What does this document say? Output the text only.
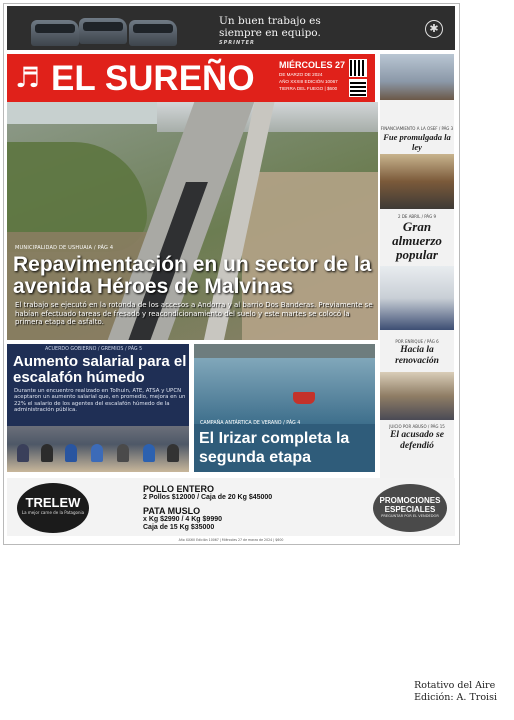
Un buen trabajo es
siempre en equipo.
SPRINTER
✱
♬ EL SUREÑO	MIÉRCOLES 27
DE MARZO DE 2024
AÑO XXXIII EDICIÓN 10067
TIERRA DEL FUEGO | $600
FINANCIAMIENTO A LA OSEF / PÁG 3
Fue promulgada la ley
2 DE ABRIL / PÁG 9
Gran almuerzo popular
POR ENRIQUE / PÁG 6
Hacia la renovación
JUICIO POR ABUSO / PÁG 15
El acusado se defendió
MUNICIPALIDAD DE USHUAIA / PÁG 4
Repavimentación en un sector de la avenida Héroes de Malvinas
El trabajo se ejecutó en la rotonda de los accesos a Andorra y al barrio Dos Banderas. Previamente se habían efectuado tareas de fresado y reacondicionamiento del suelo y este martes se colocó la primera etapa de asfalto.
ACUERDO GOBIERNO / GREMIOS / PÁG 5
Aumento salarial para el escalafón húmedo
Durante un encuentro realizado en Tolhuin, ATE, ATSA y UPCN aceptaron un aumento salarial que, en promedio, mejora en un 22% el salario de los agentes del escalafón húmedo de la administración pública.
CAMPAÑA ANTÁRTICA DE VERANO / PÁG 4
El Irizar completa la segunda etapa
TRELEW
La mejor carne de la Patagonia
POLLO ENTERO
2 Pollos $12000 / Caja de 20 Kg $45000
PATA MUSLO
x Kg $2990 / 4 Kg $9990
Caja de 15 Kg $35000
PROMOCIONES ESPECIALES
PREGUNTAR POR EL VENDEDOR
Año XXXIII Edición 10067 | Miércoles 27 de marzo de 2024 | $600
Rotativo del Aire
Edición: A. Troisi
